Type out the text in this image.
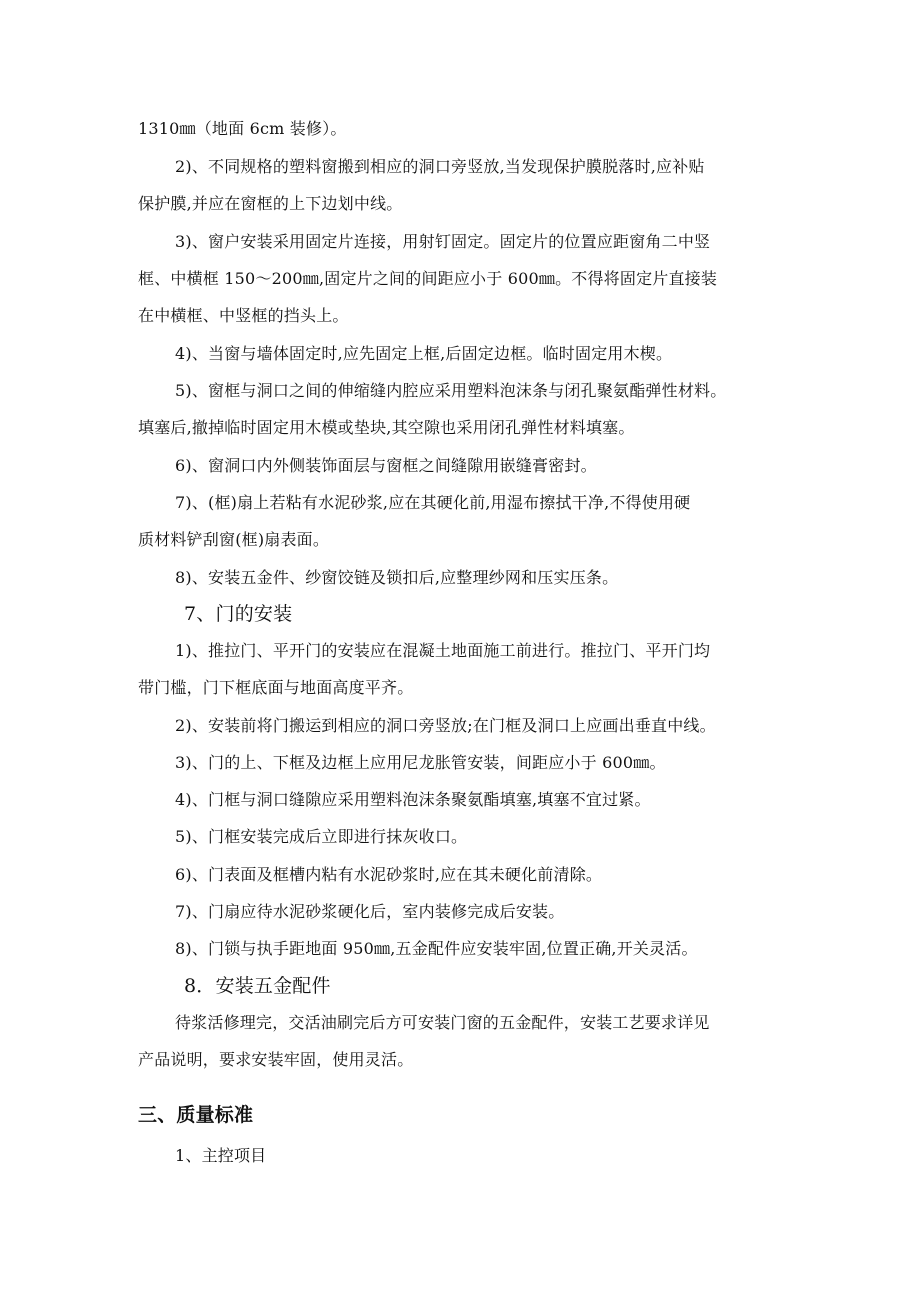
1310㎜（地面 6cm 装修）。
2)、不同规格的塑料窗搬到相应的洞口旁竖放,当发现保护膜脱落时,应补贴
保护膜,并应在窗框的上下边划中线。
3)、窗户安装采用固定片连接，用射钉固定。固定片的位置应距窗角二中竖
框、中横框 150～200㎜,固定片之间的间距应小于 600㎜。不得将固定片直接装
在中横框、中竖框的挡头上。
4)、当窗与墙体固定时,应先固定上框,后固定边框。临时固定用木楔。
5)、窗框与洞口之间的伸缩缝内腔应采用塑料泡沫条与闭孔聚氨酯弹性材料。
填塞后,撤掉临时固定用木模或垫块,其空隙也采用闭孔弹性材料填塞。
6)、窗洞口内外侧装饰面层与窗框之间缝隙用嵌缝膏密封。
7)、(框)扇上若粘有水泥砂浆,应在其硬化前,用湿布擦拭干净,不得使用硬
质材料铲刮窗(框)扇表面。
8)、安装五金件、纱窗饺链及锁扣后,应整理纱网和压实压条。
7、门的安装
1)、推拉门、平开门的安装应在混凝土地面施工前进行。推拉门、平开门均
带门槛，门下框底面与地面高度平齐。
2)、安装前将门搬运到相应的洞口旁竖放;在门框及洞口上应画出垂直中线。
3)、门的上、下框及边框上应用尼龙胀管安装，间距应小于 600㎜。
4)、门框与洞口缝隙应采用塑料泡沫条聚氨酯填塞,填塞不宜过紧。
5)、门框安装完成后立即进行抹灰收口。
6)、门表面及框槽内粘有水泥砂浆时,应在其未硬化前清除。
7)、门扇应待水泥砂浆硬化后，室内装修完成后安装。
8)、门锁与执手距地面 950㎜,五金配件应安装牢固,位置正确,开关灵活。
8．安装五金配件
待浆活修理完，交活油刷完后方可安装门窗的五金配件，安装工艺要求详见
产品说明，要求安装牢固，使用灵活。
三、质量标准
1、主控项目
